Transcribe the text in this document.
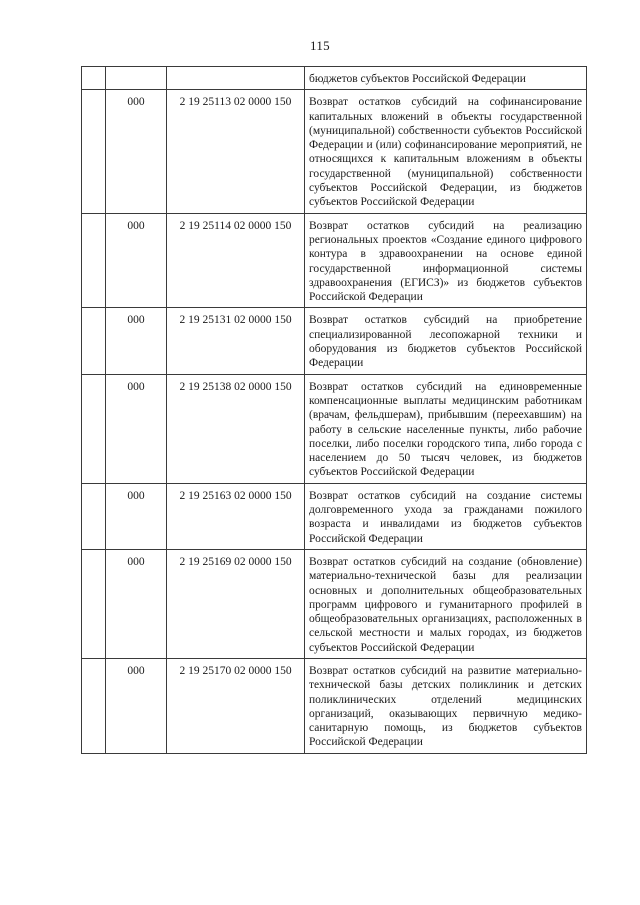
115
			бюджетов субъектов Российской Федерации
	000	2 19 25113 02 0000 150	Возврат остатков субсидий на софинансирование капитальных вложений в объекты государственной (муниципальной) собственности субъектов Российской Федерации и (или) софинансирование мероприятий, не относящихся к капитальным вложениям в объекты государственной (муниципальной) собственности субъектов Российской Федерации, из бюджетов субъектов Российской Федерации
	000	2 19 25114 02 0000 150	Возврат остатков субсидий на реализацию региональных проектов «Создание единого цифрового контура в здравоохранении на основе единой государственной информационной системы здравоохранения (ЕГИСЗ)» из бюджетов субъектов Российской Федерации
	000	2 19 25131 02 0000 150	Возврат остатков субсидий на приобретение специализированной лесопожарной техники и оборудования из бюджетов субъектов Российской Федерации
	000	2 19 25138 02 0000 150	Возврат остатков субсидий на единовременные компенсационные выплаты медицинским работникам (врачам, фельдшерам), прибывшим (переехавшим) на работу в сельские населенные пункты, либо рабочие поселки, либо поселки городского типа, либо города с населением до 50 тысяч человек, из бюджетов субъектов Российской Федерации
	000	2 19 25163 02 0000 150	Возврат остатков субсидий на создание системы долговременного ухода за гражданами пожилого возраста и инвалидами из бюджетов субъектов Российской Федерации
	000	2 19 25169 02 0000 150	Возврат остатков субсидий на создание (обновление) материально-технической базы для реализации основных и дополнительных общеобразовательных программ цифрового и гуманитарного профилей в общеобразовательных организациях, расположенных в сельской местности и малых городах, из бюджетов субъектов Российской Федерации
	000	2 19 25170 02 0000 150	Возврат остатков субсидий на развитие материально-технической базы детских поликлиник и детских поликлинических отделений медицинских организаций, оказывающих первичную медико-санитарную помощь, из бюджетов субъектов Российской Федерации
